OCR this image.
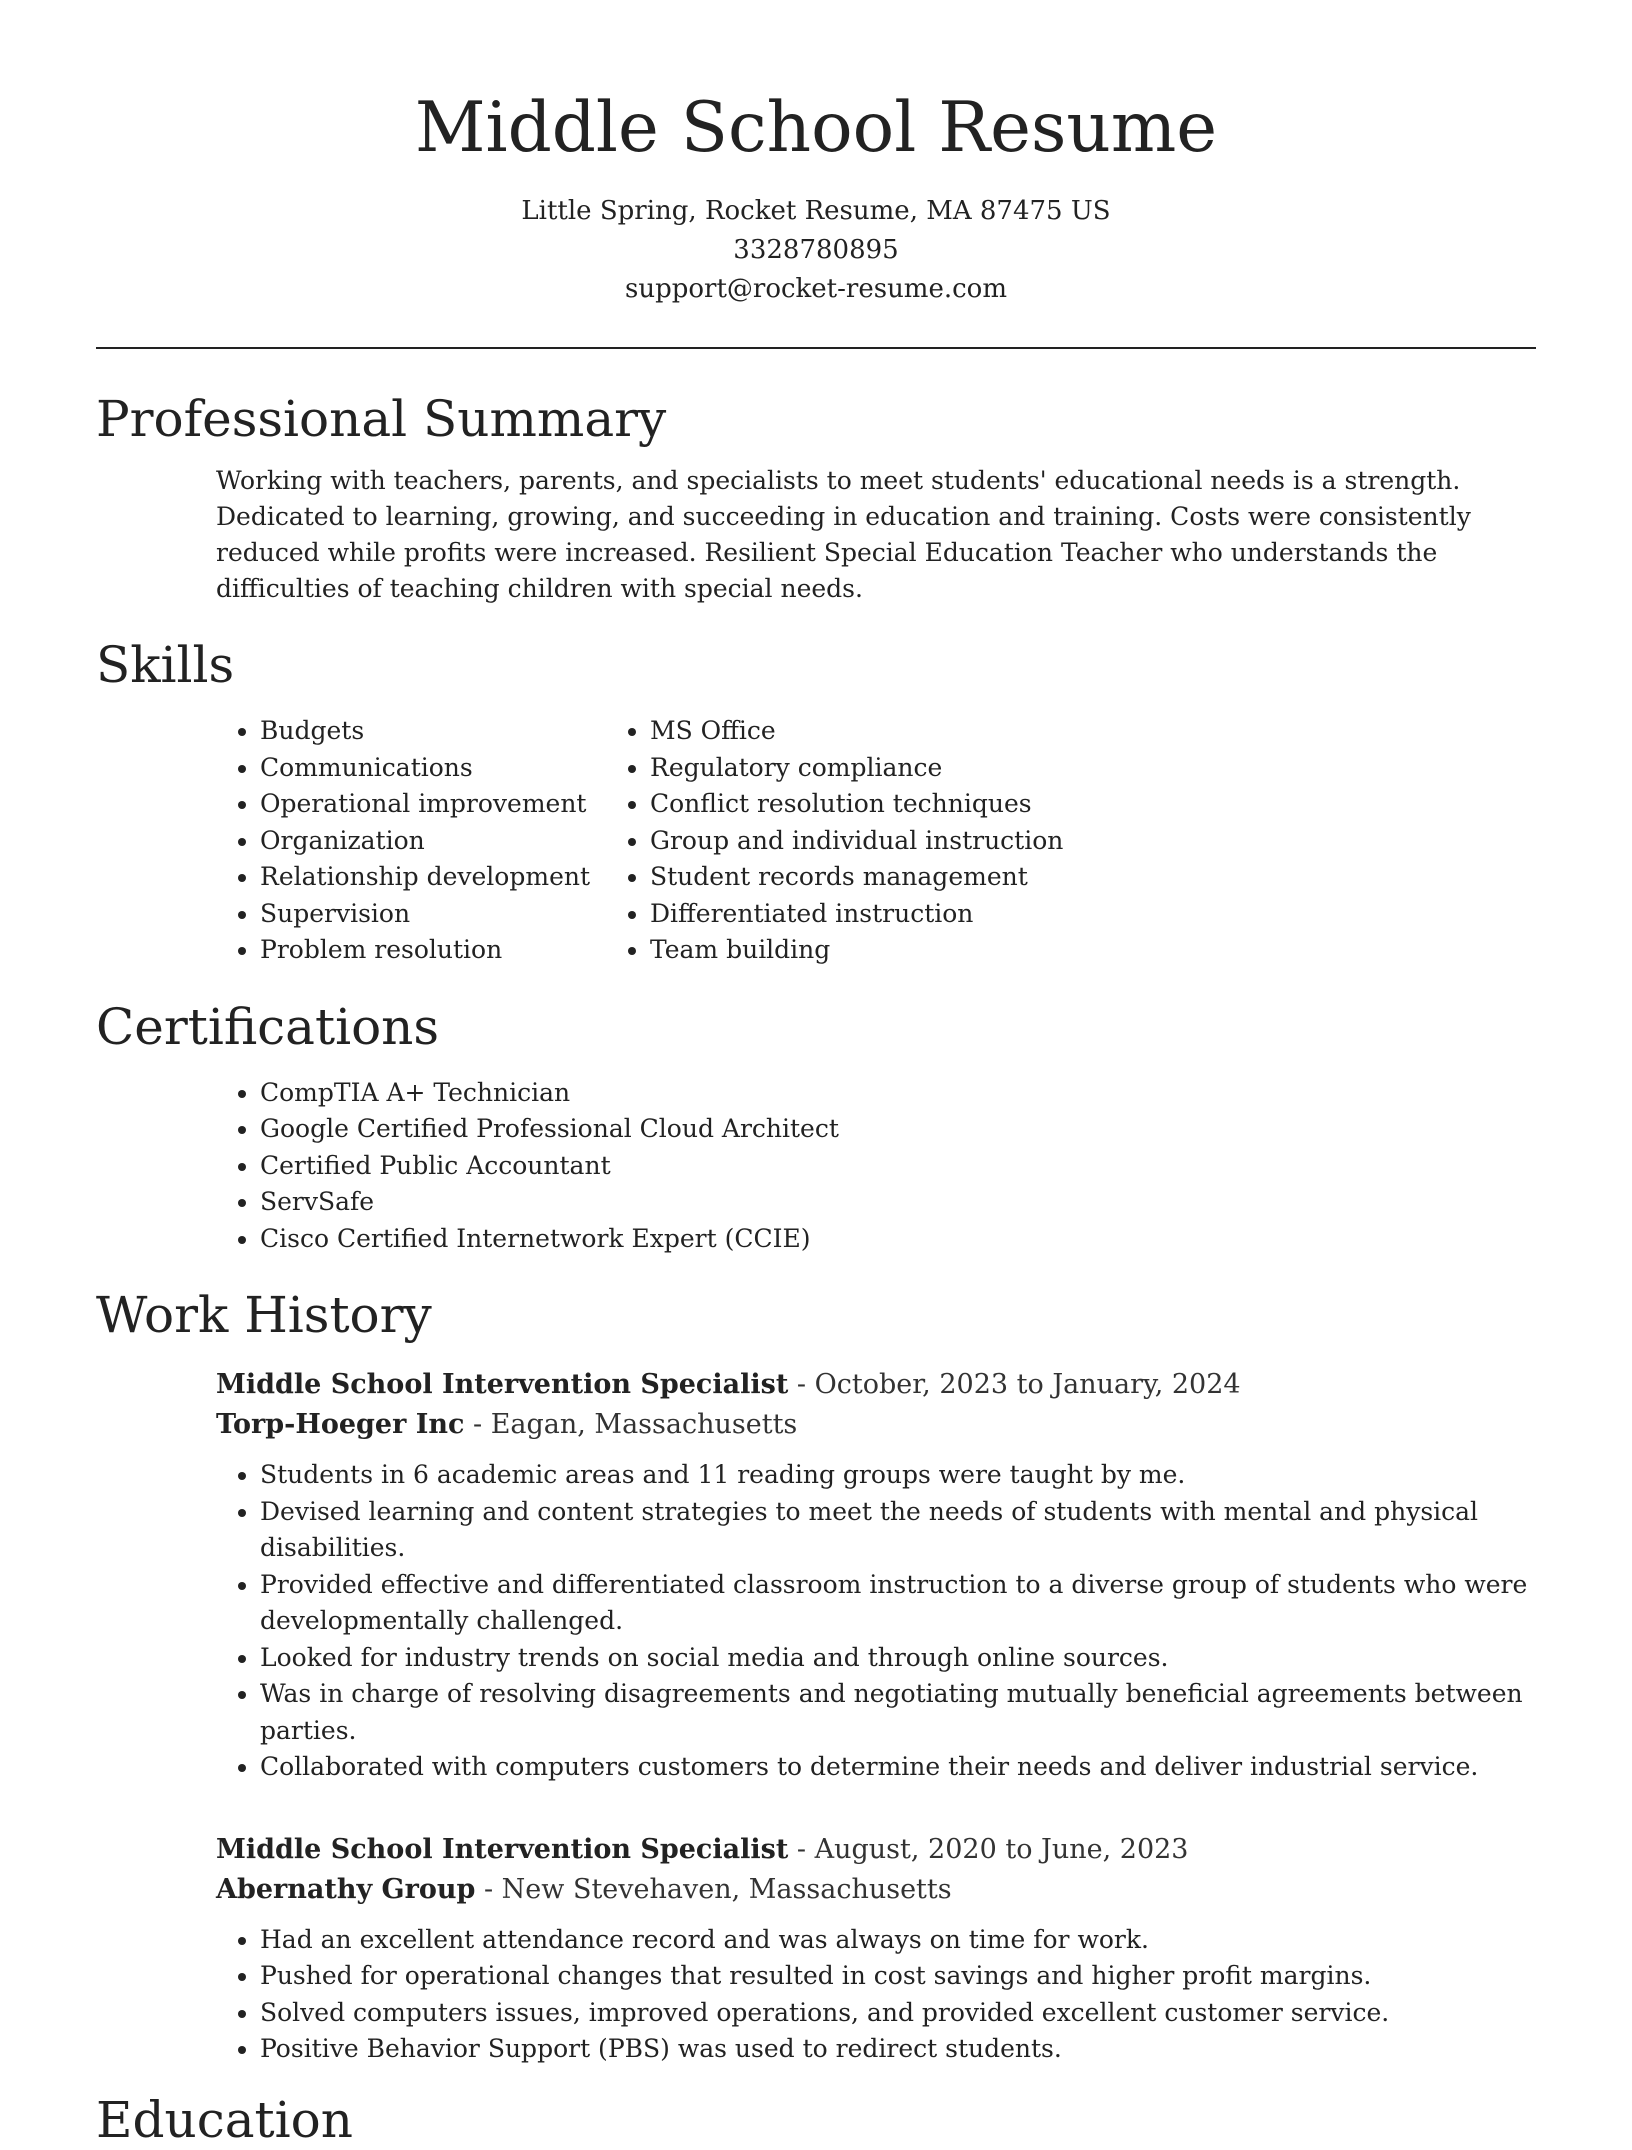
Middle School Resume
Little Spring, Rocket Resume, MA 87475 US
3328780895
support@rocket-resume.com
Professional Summary

Working with teachers, parents, and specialists to meet students' educational needs is a strength. Dedicated to learning, growing, and succeeding in education and training. Costs were consistently reduced while profits were increased. Resilient Special Education Teacher who understands the difficulties of teaching children with special needs.

Skills
• Budgets
• Communications
• Operational improvement
• Organization
• Relationship development
• Supervision
• Problem resolution
• MS Office
• Regulatory compliance
• Conflict resolution techniques
• Group and individual instruction
• Student records management
• Differentiated instruction
• Team building
Certifications
• CompTIA A+ Technician
• Google Certified Professional Cloud Architect
• Certified Public Accountant
• ServSafe
• Cisco Certified Internetwork Expert (CCIE)
Work History
Middle School Intervention Specialist - October, 2023 to January, 2024
Torp-Hoeger Inc - Eagan, Massachusetts
• Students in 6 academic areas and 11 reading groups were taught by me.
• Devised learning and content strategies to meet the needs of students with mental and physical disabilities.
• Provided effective and differentiated classroom instruction to a diverse group of students who were developmentally challenged.
• Looked for industry trends on social media and through online sources.
• Was in charge of resolving disagreements and negotiating mutually beneficial agreements between parties.
• Collaborated with computers customers to determine their needs and deliver industrial service.
Middle School Intervention Specialist - August, 2020 to June, 2023
Abernathy Group - New Stevehaven, Massachusetts
• Had an excellent attendance record and was always on time for work.
• Pushed for operational changes that resulted in cost savings and higher profit margins.
• Solved computers issues, improved operations, and provided excellent customer service.
• Positive Behavior Support (PBS) was used to redirect students.
Education
